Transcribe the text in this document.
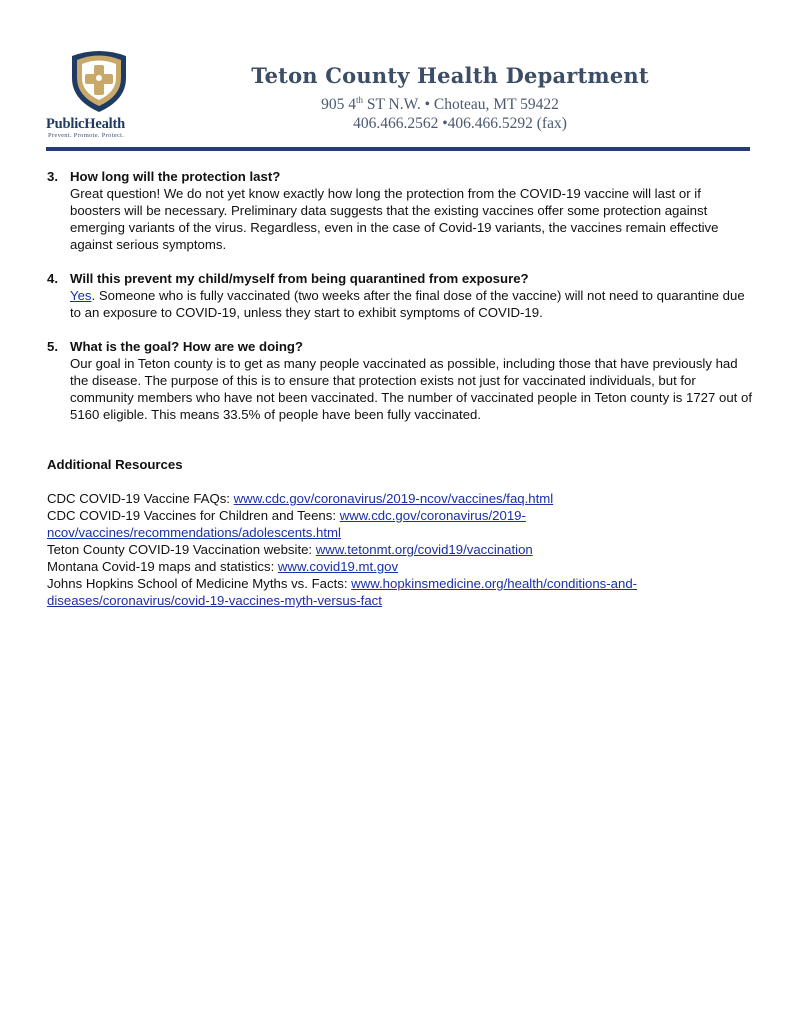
PublicHealth
Prevent. Promote. Protect.
Teton County Health Department
905 4th ST N.W. • Choteau, MT 59422
406.466.2562 •406.466.5292 (fax)
3. How long will the protection last?

Great question! We do not yet know exactly how long the protection from the COVID-19 vaccine will last or if boosters will be necessary. Preliminary data suggests that the existing vaccines offer some protection against emerging variants of the virus. Regardless, even in the case of Covid-19 variants, the vaccines remain effective against serious symptoms.

4. Will this prevent my child/myself from being quarantined from exposure?

Yes. Someone who is fully vaccinated (two weeks after the final dose of the vaccine) will not need to quarantine due to an exposure to COVID-19, unless they start to exhibit symptoms of COVID-19.

5. What is the goal? How are we doing?

Our goal in Teton county is to get as many people vaccinated as possible, including those that have previously had the disease. The purpose of this is to ensure that protection exists not just for vaccinated individuals, but for community members who have not been vaccinated. The number of vaccinated people in Teton county is 1727 out of 5160 eligible. This means 33.5% of people have been fully vaccinated.

Additional Resources

CDC COVID-19 Vaccine FAQs: www.cdc.gov/coronavirus/2019-ncov/vaccines/faq.html

CDC COVID-19 Vaccines for Children and Teens: www.cdc.gov/coronavirus/2019-ncov/vaccines/recommendations/adolescents.html

Teton County COVID-19 Vaccination website: www.tetonmt.org/covid19/vaccination

Montana Covid-19 maps and statistics: www.covid19.mt.gov

Johns Hopkins School of Medicine Myths vs. Facts: www.hopkinsmedicine.org/health/conditions-and-diseases/coronavirus/covid-19-vaccines-myth-versus-fact
